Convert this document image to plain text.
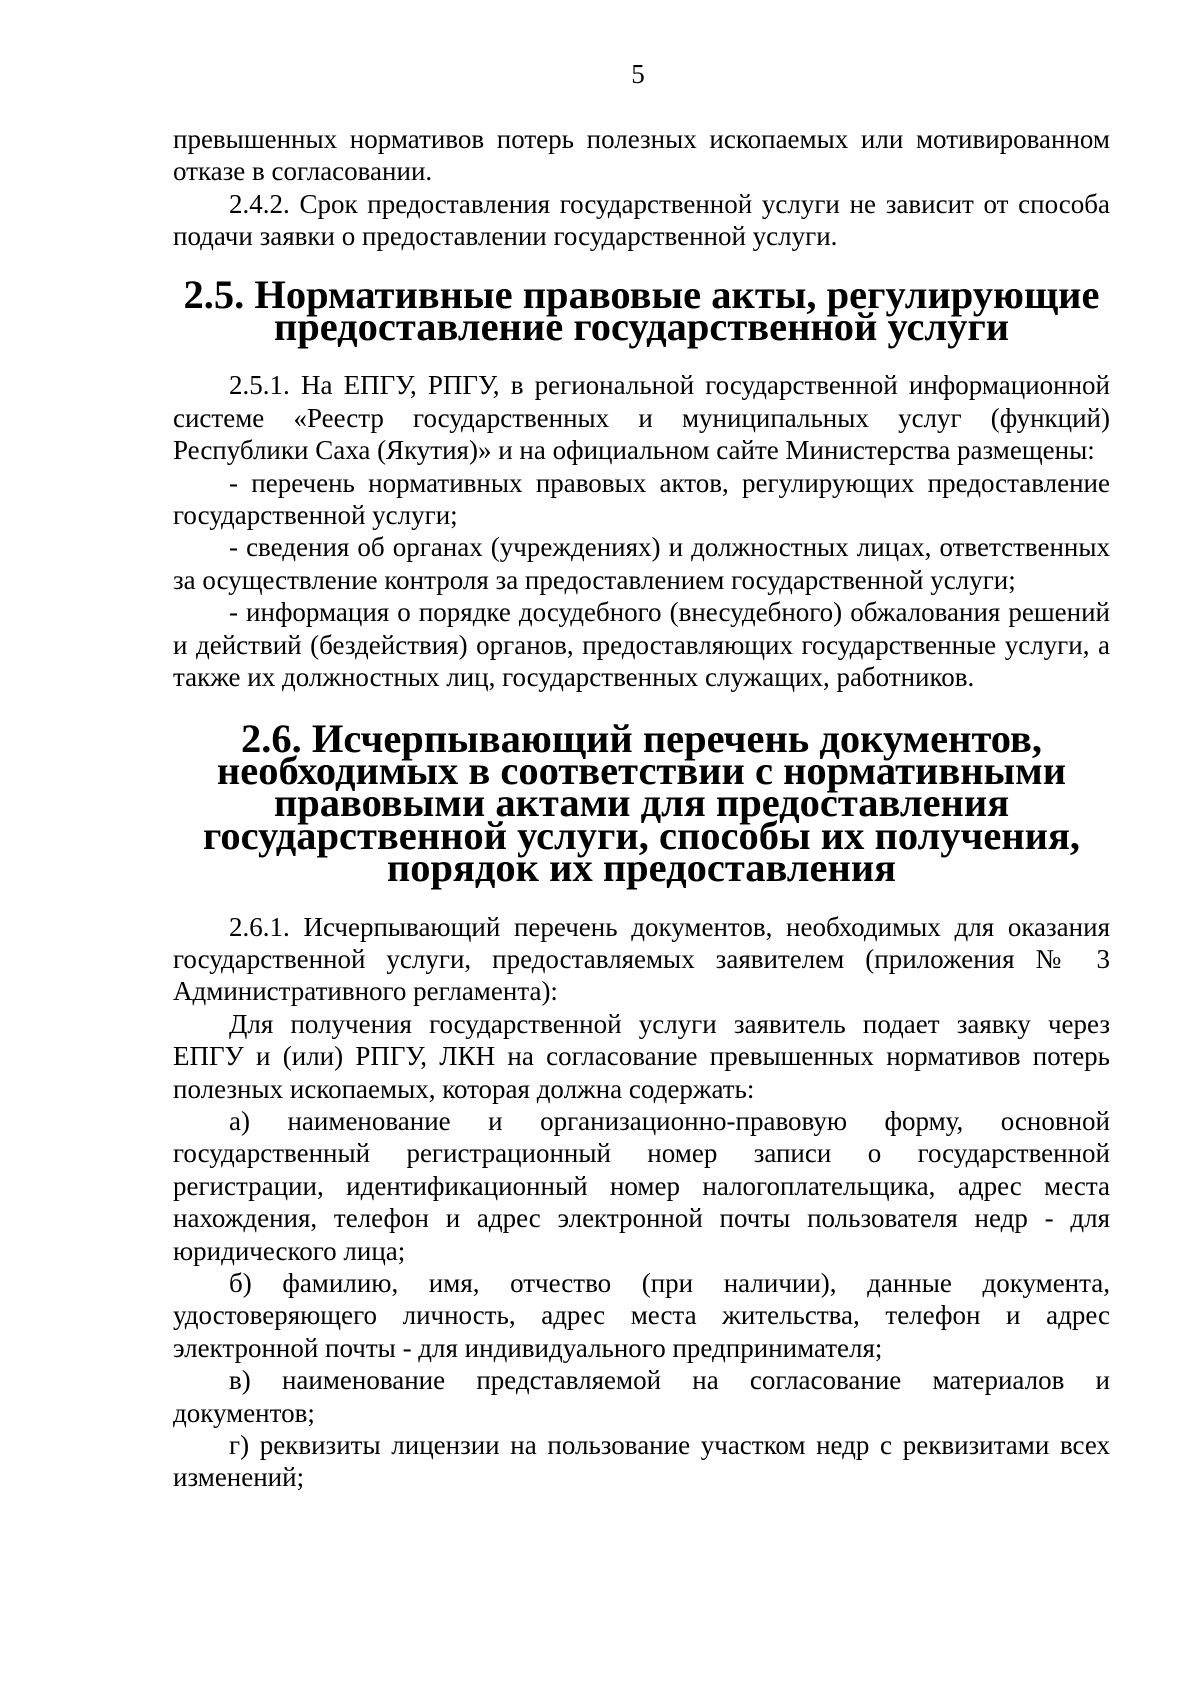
5

превышенных нормативов потерь полезных ископаемых или мотивированном отказе в согласовании.

2.4.2. Срок предоставления государственной услуги не зависит от способа подачи заявки о предоставлении государственной услуги.

2.5. Нормативные правовые акты, регулирующие предоставление государственной услуги

2.5.1. На ЕПГУ, РПГУ, в региональной государственной информационной системе «Реестр государственных и муниципальных услуг (функций) Республики Саха (Якутия)» и на официальном сайте Министерства размещены:

- перечень нормативных правовых актов, регулирующих предоставление государственной услуги;

- сведения об органах (учреждениях) и должностных лицах, ответственных за осуществление контроля за предоставлением государственной услуги;

- информация о порядке досудебного (внесудебного) обжалования решений и действий (бездействия) органов, предоставляющих государственные услуги, а также их должностных лиц, государственных служащих, работников.

2.6. Исчерпывающий перечень документов, необходимых в соответствии с нормативными правовыми актами для предоставления государственной услуги, способы их получения, порядок их предоставления

2.6.1. Исчерпывающий перечень документов, необходимых для оказания государственной услуги, предоставляемых заявителем (приложения № 3 Административного регламента):

Для получения государственной услуги заявитель подает заявку через ЕПГУ и (или) РПГУ, ЛКН на согласование превышенных нормативов потерь полезных ископаемых, которая должна содержать:

а) наименование и организационно-правовую форму, основной государственный регистрационный номер записи о государственной регистрации, идентификационный номер налогоплательщика, адрес места нахождения, телефон и адрес электронной почты пользователя недр - для юридического лица;

б) фамилию, имя, отчество (при наличии), данные документа, удостоверяющего личность, адрес места жительства, телефон и адрес электронной почты - для индивидуального предпринимателя;

в) наименование представляемой на согласование материалов и документов;

г) реквизиты лицензии на пользование участком недр с реквизитами всех изменений;
